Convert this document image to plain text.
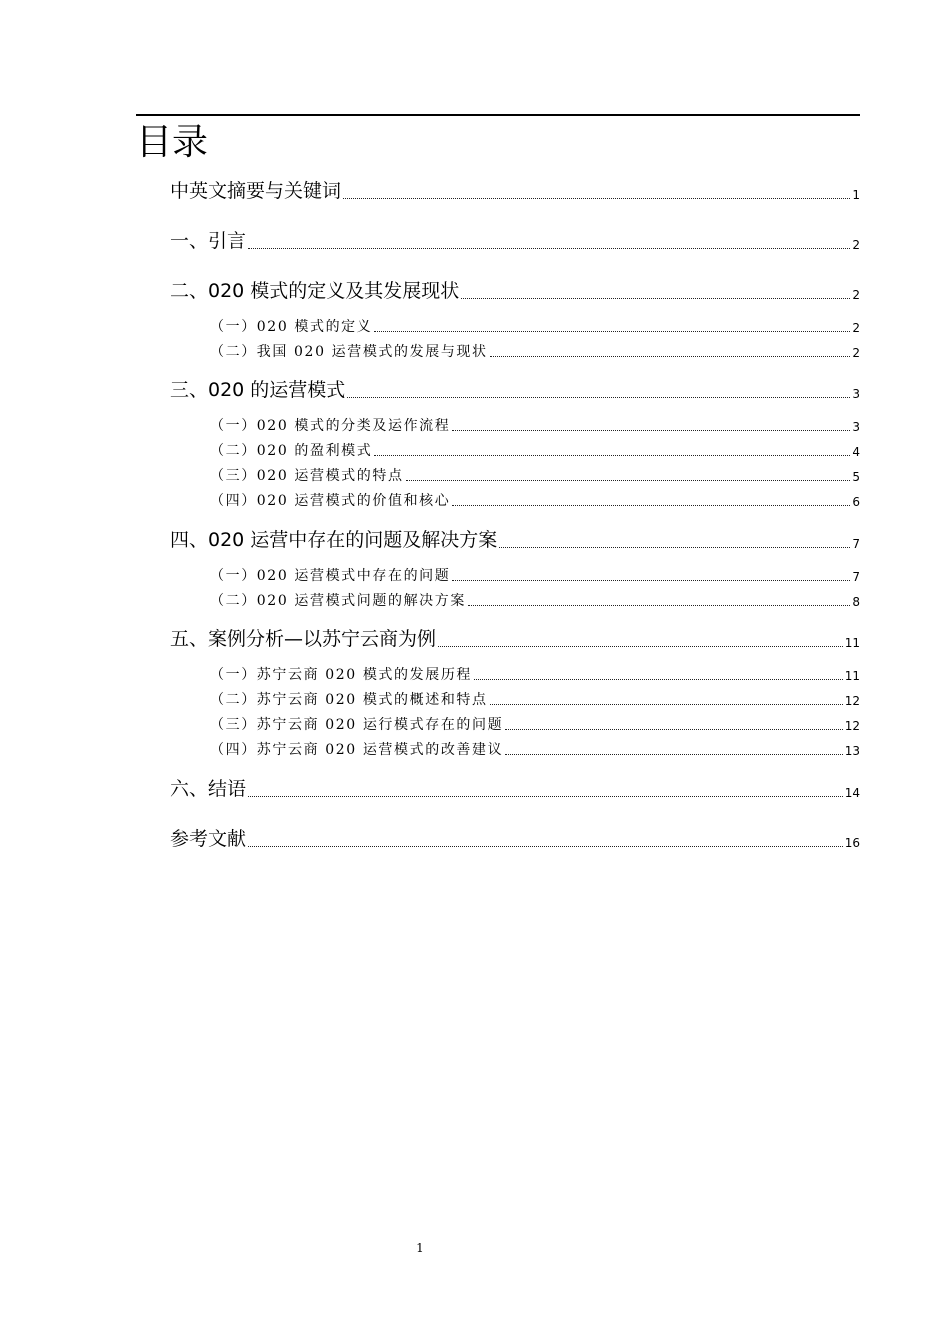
目录
中英文摘要与关键词	1
一、引言	2
二、020 模式的定义及其发展现状	2
（一）020 模式的定义	2
（二）我国 020 运营模式的发展与现状	2
三、020 的运营模式	3
（一）020 模式的分类及运作流程	3
（二）020 的盈利模式	4
（三）020 运营模式的特点	5
（四）020 运营模式的价值和核心	6
四、020 运营中存在的问题及解决方案	7
（一）020 运营模式中存在的问题	7
（二）020 运营模式问题的解决方案	8
五、案例分析—以苏宁云商为例	11
（一）苏宁云商 020 模式的发展历程	11
（二）苏宁云商 020 模式的概述和特点	12
（三）苏宁云商 020 运行模式存在的问题	12
（四）苏宁云商 020 运营模式的改善建议	13
六、结语	14
参考文献	16
1
